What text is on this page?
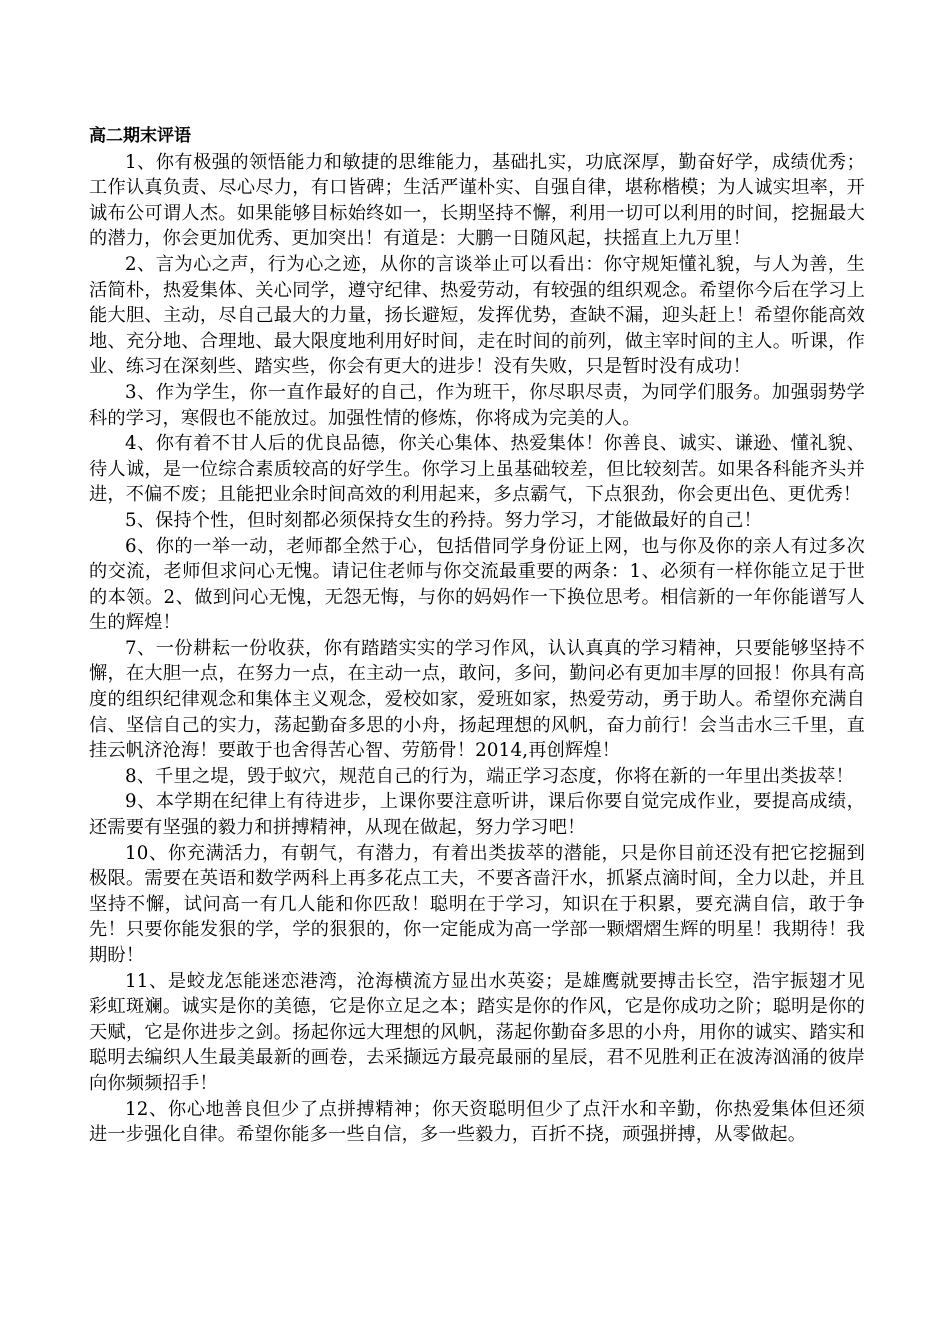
高二期末评语

1、你有极强的领悟能力和敏捷的思维能力，基础扎实，功底深厚，勤奋好学，成绩优秀；工作认真负责、尽心尽力，有口皆碑；生活严谨朴实、自强自律，堪称楷模；为人诚实坦率，开诚布公可谓人杰。如果能够目标始终如一，长期坚持不懈，利用一切可以利用的时间，挖掘最大的潜力，你会更加优秀、更加突出！有道是：大鹏一日随风起，扶摇直上九万里！

2、言为心之声，行为心之迹，从你的言谈举止可以看出：你守规矩懂礼貌，与人为善，生活简朴，热爱集体、关心同学，遵守纪律、热爱劳动，有较强的组织观念。希望你今后在学习上能大胆、主动，尽自己最大的力量，扬长避短，发挥优势，查缺不漏，迎头赶上！希望你能高效地、充分地、合理地、最大限度地利用好时间，走在时间的前列，做主宰时间的主人。听课，作业、练习在深刻些、踏实些，你会有更大的进步！没有失败，只是暂时没有成功！

3、作为学生，你一直作最好的自己，作为班干，你尽职尽责，为同学们服务。加强弱势学科的学习，寒假也不能放过。加强性情的修炼，你将成为完美的人。

4、你有着不甘人后的优良品德，你关心集体、热爱集体！你善良、诚实、谦逊、懂礼貌、待人诚，是一位综合素质较高的好学生。你学习上虽基础较差，但比较刻苦。如果各科能齐头并进，不偏不废；且能把业余时间高效的利用起来，多点霸气，下点狠劲，你会更出色、更优秀！

5、保持个性，但时刻都必须保持女生的矜持。努力学习，才能做最好的自己！

6、你的一举一动，老师都全然于心，包括借同学身份证上网，也与你及你的亲人有过多次的交流，老师但求问心无愧。请记住老师与你交流最重要的两条：1、必须有一样你能立足于世的本领。2、做到问心无愧，无怨无悔，与你的妈妈作一下换位思考。相信新的一年你能谱写人生的辉煌！

7、一份耕耘一份收获，你有踏踏实实的学习作风，认认真真的学习精神，只要能够坚持不懈，在大胆一点，在努力一点，在主动一点，敢问，多问，勤问必有更加丰厚的回报！你具有高度的组织纪律观念和集体主义观念，爱校如家，爱班如家，热爱劳动，勇于助人。希望你充满自信、坚信自己的实力，荡起勤奋多思的小舟，扬起理想的风帆，奋力前行！会当击水三千里，直挂云帆济沧海！要敢于也舍得苦心智、劳筋骨！2014,再创辉煌！

8、千里之堤，毁于蚁穴，规范自己的行为，端正学习态度，你将在新的一年里出类拔萃！

9、本学期在纪律上有待进步，上课你要注意听讲，课后你要自觉完成作业，要提高成绩，还需要有坚强的毅力和拼搏精神，从现在做起，努力学习吧！

10、你充满活力，有朝气，有潜力，有着出类拔萃的潜能，只是你目前还没有把它挖掘到极限。需要在英语和数学两科上再多花点工夫，不要吝啬汗水，抓紧点滴时间，全力以赴，并且坚持不懈，试问高一有几人能和你匹敌！聪明在于学习，知识在于积累，要充满自信，敢于争先！只要你能发狠的学，学的狠狠的，你一定能成为高一学部一颗熠熠生辉的明星！我期待！我期盼！

11、是蛟龙怎能迷恋港湾，沧海横流方显出水英姿；是雄鹰就要搏击长空，浩宇振翅才见彩虹斑斓。诚实是你的美德，它是你立足之本；踏实是你的作风，它是你成功之阶；聪明是你的天赋，它是你进步之剑。扬起你远大理想的风帆，荡起你勤奋多思的小舟，用你的诚实、踏实和聪明去编织人生最美最新的画卷，去采撷远方最亮最丽的星辰，君不见胜利正在波涛汹涌的彼岸向你频频招手！

12、你心地善良但少了点拼搏精神；你天资聪明但少了点汗水和辛勤，你热爱集体但还须进一步强化自律。希望你能多一些自信，多一些毅力，百折不挠，顽强拼搏，从零做起。
